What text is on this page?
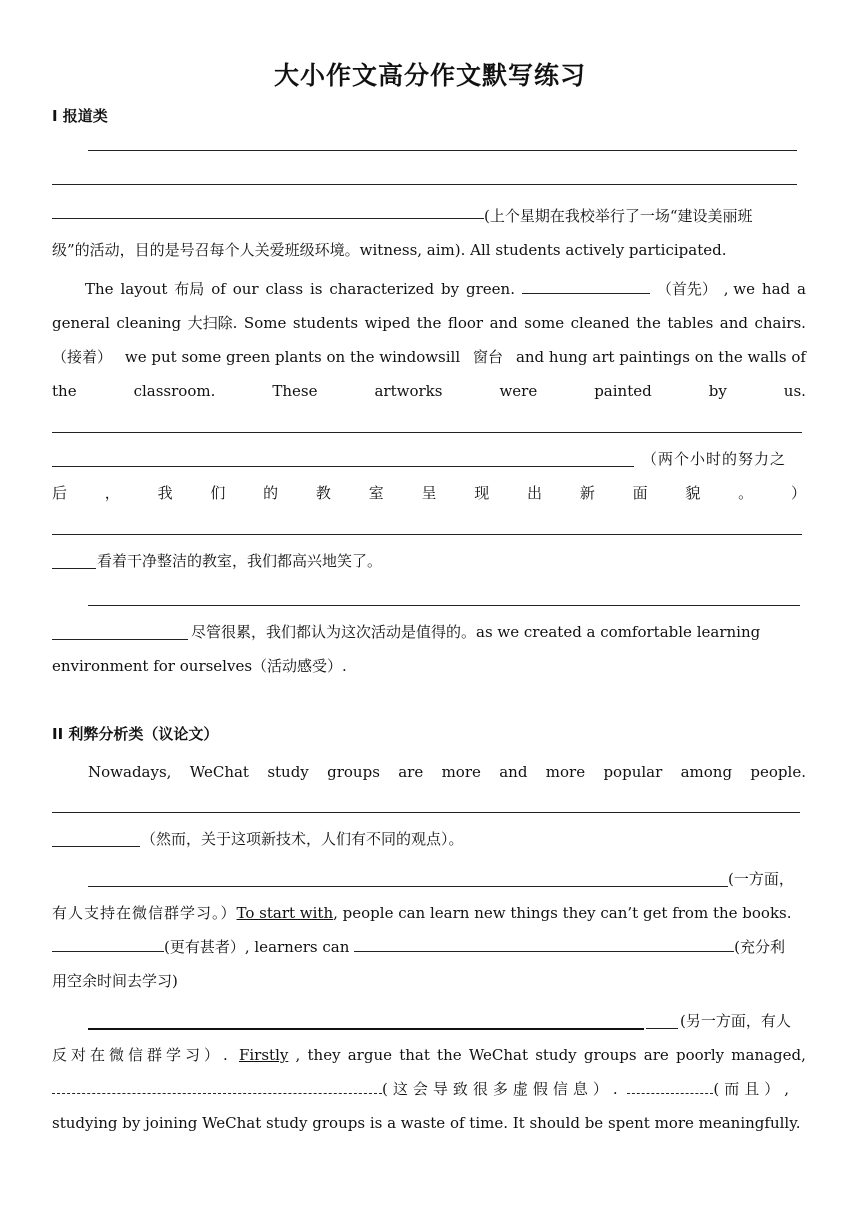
大小作文高分作文默写练习
I 报道类
(上个星期在我校举行了一场“建设美丽班
级”的活动，目的是号召每个人关爱班级环境。witness, aim). All students actively participated.
The layout 布局 of our class is characterized by green.	（首先） , we had a
general cleaning 大扫除. Some students wiped the floor and some cleaned the tables and chairs.
（接着） we put some green plants on the windowsill 窗台 and hung art paintings on the walls of
the	classroom.	These	artworks	were	painted	by	us.
（两个小时的努力之
后	，	我	们	的	教	室	呈	现	出	新	面	貌	。	）
看着干净整洁的教室，我们都高兴地笑了。
尽管很累，我们都认为这次活动是值得的。as we created a comfortable learning
environment for ourselves（活动感受）.
II 利弊分析类（议论文）
Nowadays, WeChat study groups are more and more popular among people.
（然而，关于这项新技术，人们有不同的观点）。
(一方面，
有人支持在微信群学习。）To start with, people can learn new things they can’t get from the books.
(更有甚者）, learners can	(充分利
用空余时间去学习)
(另一方面，有人
反对在微信群学习）. Firstly , they argue that the WeChat study groups are poorly managed,
(这会导致很多虚假信息）.	(而且）,
studying by joining WeChat study groups is a waste of time. It should be spent more meaningfully.
